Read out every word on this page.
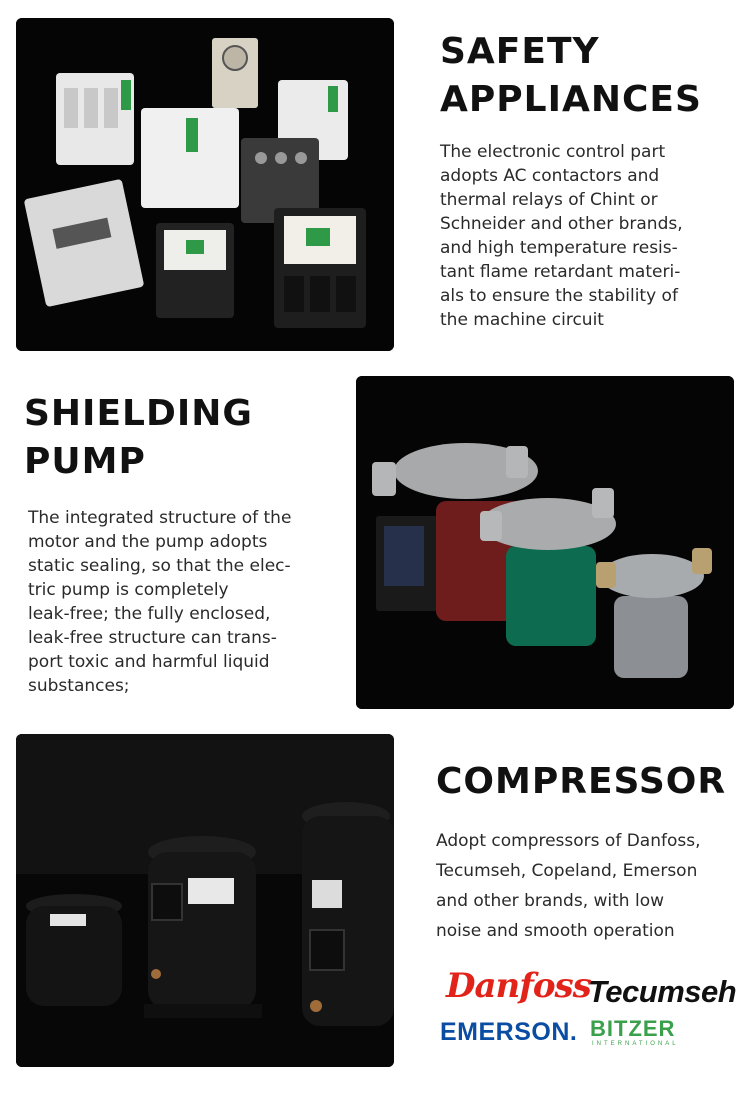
SAFETY
APPLIANCES

The electronic control part
adopts AC contactors and
thermal relays of Chint or
Schneider and other brands,
and high temperature resis-
tant flame retardant materi-
als to ensure the stability of
the machine circuit

SHIELDING
PUMP

The integrated structure of the
motor and the pump adopts
static sealing, so that the elec-
tric pump is completely
leak-free; the fully enclosed,
leak-free structure can trans-
port toxic and harmful liquid
substances;

COMPRESSOR

Adopt compressors of Danfoss,
Tecumseh, Copeland, Emerson
and other brands, with low
noise and smooth operation

Danfoss

Tecumseh

EMERSON. BITZER

INTERNATIONAL
